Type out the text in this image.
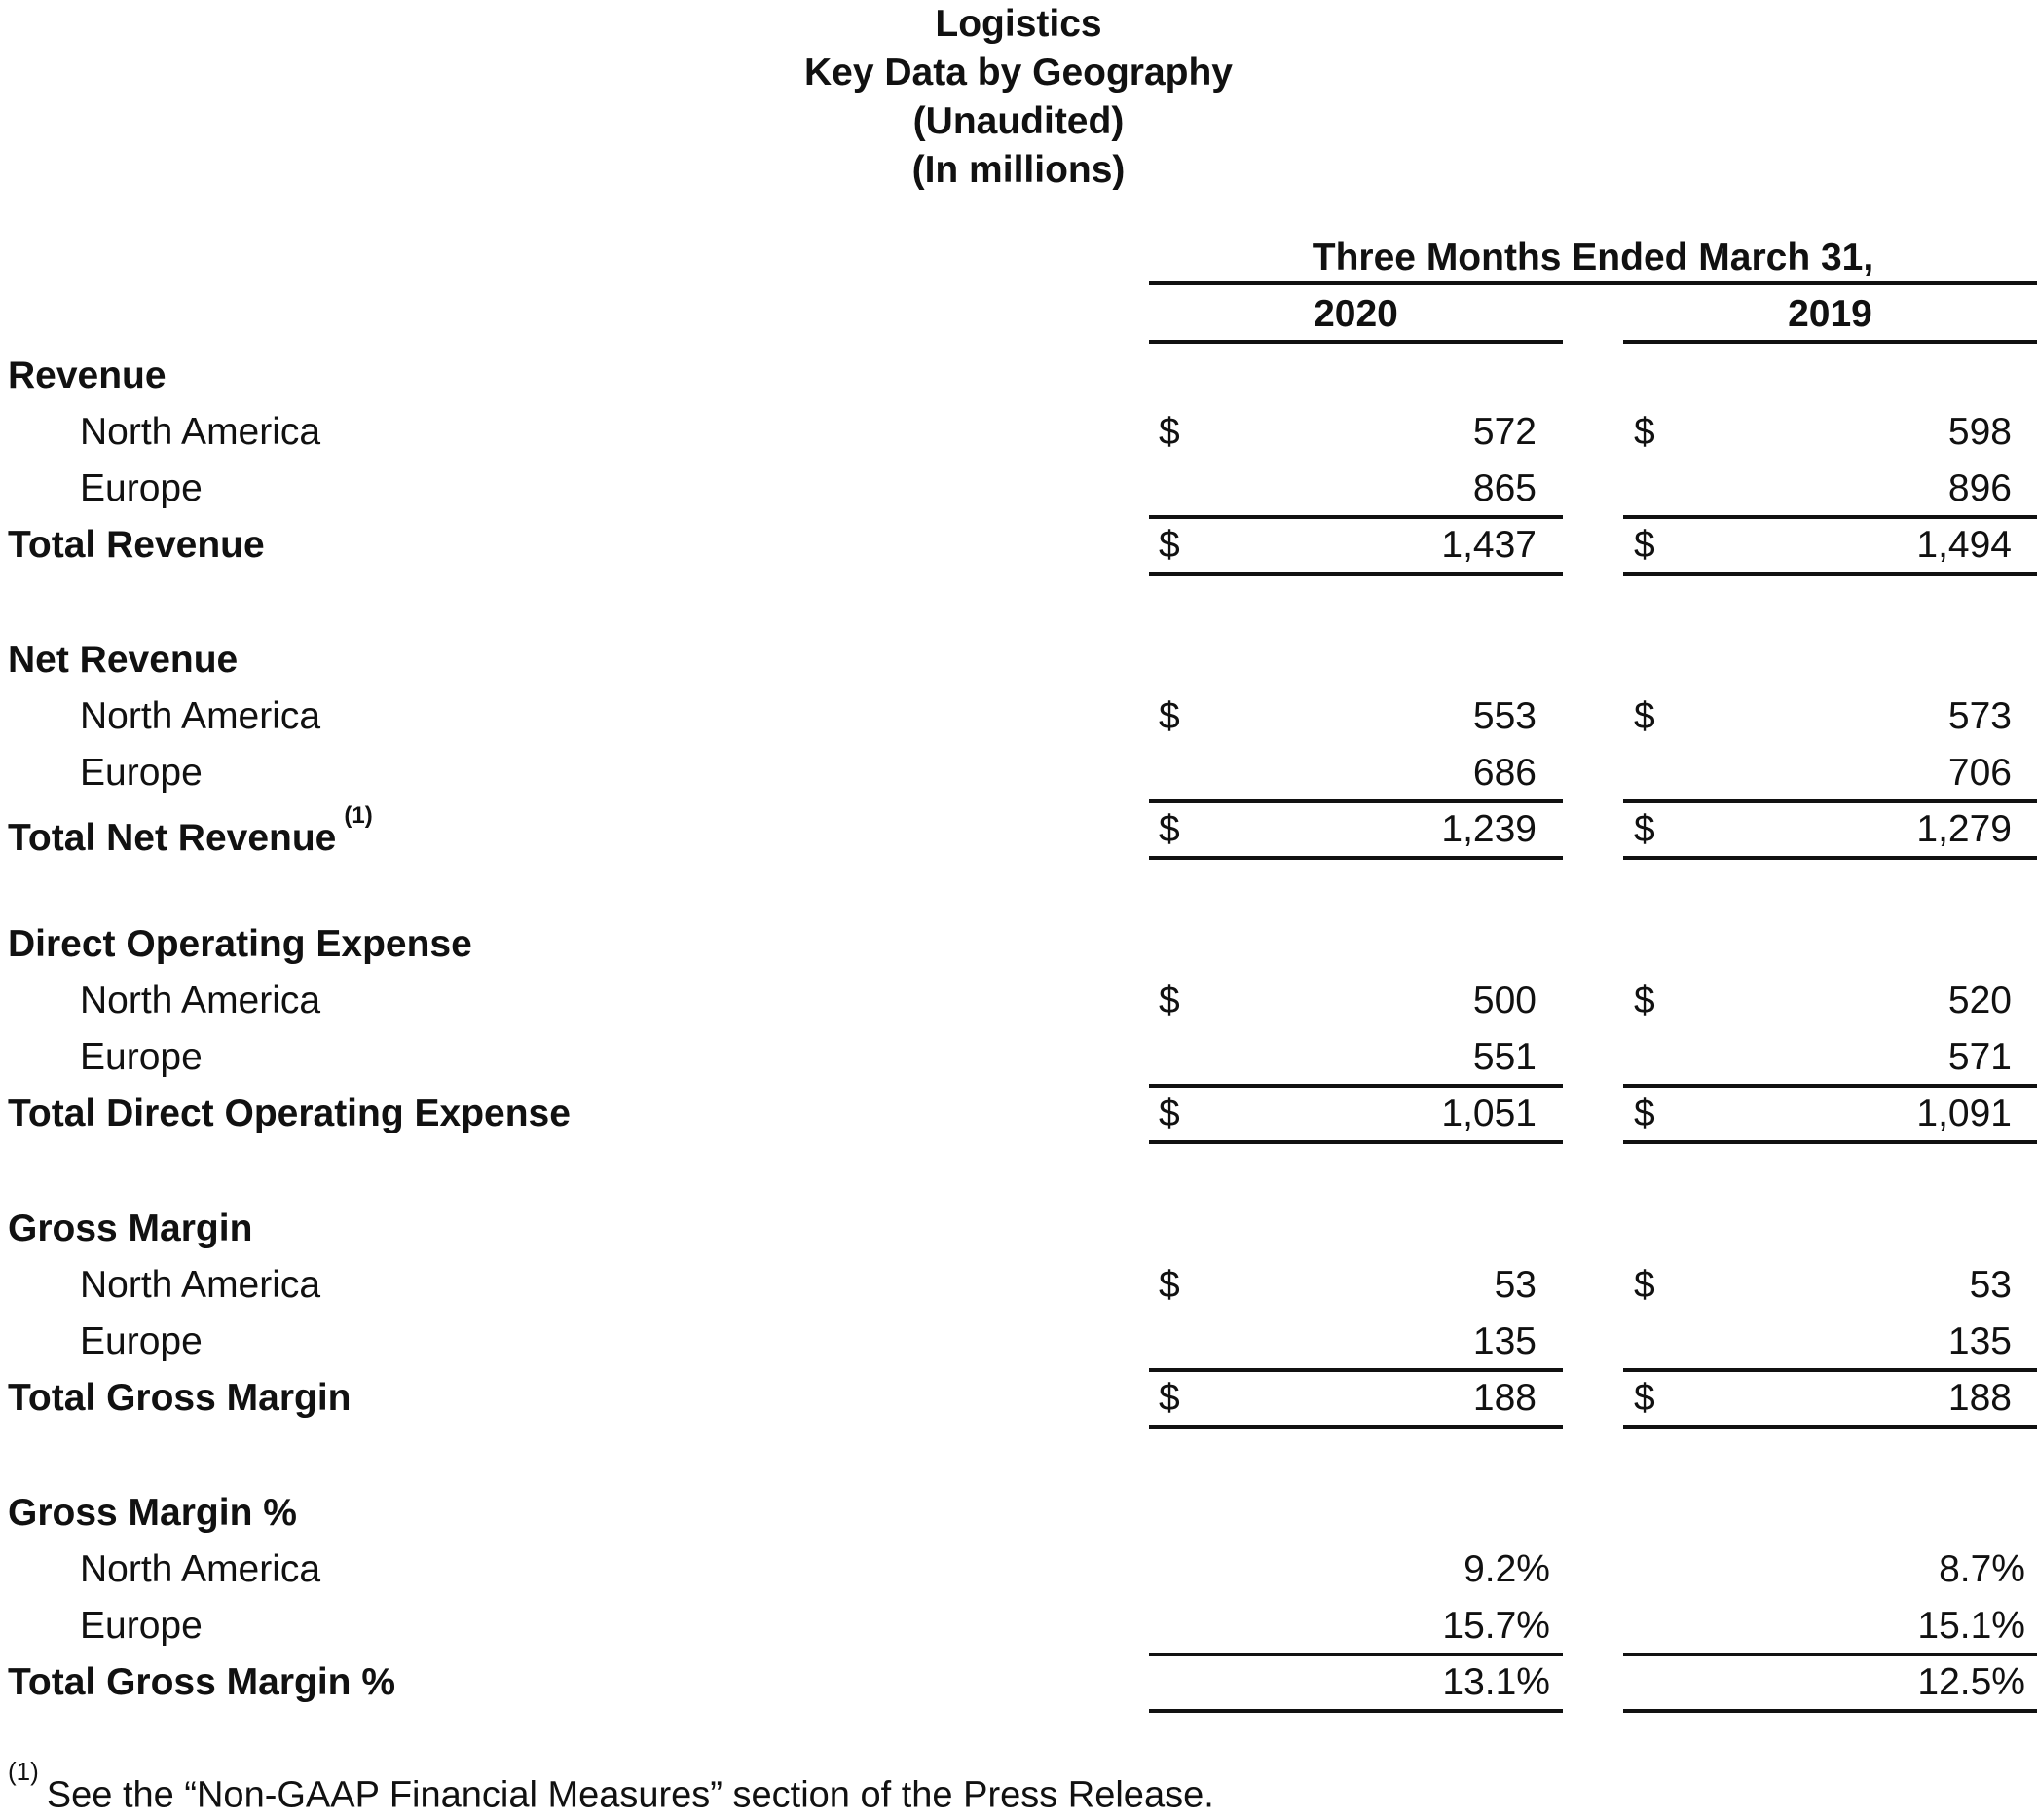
Logistics
Key Data by Geography
(Unaudited)
(In millions)
Three Months Ended March 31,
2020	2019
Revenue
North America	$	572	$	598
Europe	865	896
Total Revenue	$	1,437	$	1,494
Net Revenue
North America	$	553	$	573
Europe	686	706
Total Net Revenue$^{(1)}$	$	1,239	$	1,279
Direct Operating Expense
North America	$	500	$	520
Europe	551	571
Total Direct Operating Expense	$	1,051	$	1,091
Gross Margin
North America	$	53	$	53
Europe	135	135
Total Gross Margin	$	188	$	188
Gross Margin %
North America	9.2%	8.7%
Europe	15.7%	15.1%
Total Gross Margin %	13.1%	12.5%
$^{(1)}$See the “Non-GAAP Financial Measures” section of the Press Release.
